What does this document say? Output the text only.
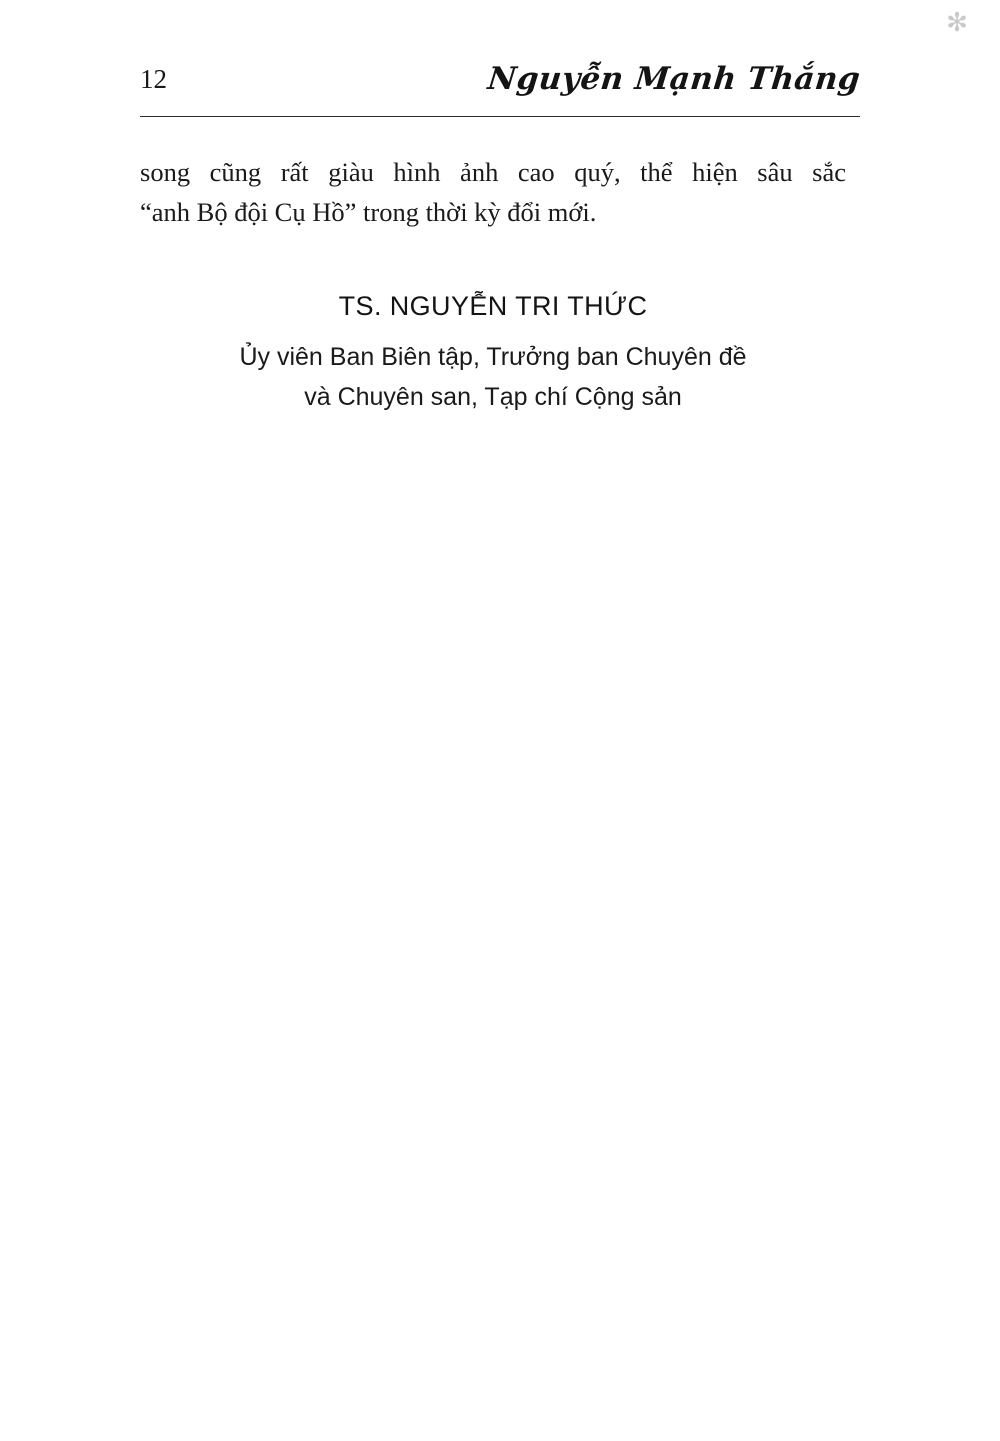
✻
12	Nguyễn Mạnh Thắng

song cũng rất giàu hình ảnh cao quý, thể hiện sâu sắc
“anh Bộ đội Cụ Hồ” trong thời kỳ đổi mới.

TS. NGUYỄN TRI THỨC

Ủy viên Ban Biên tập, Trưởng ban Chuyên đề
và Chuyên san, Tạp chí Cộng sản
